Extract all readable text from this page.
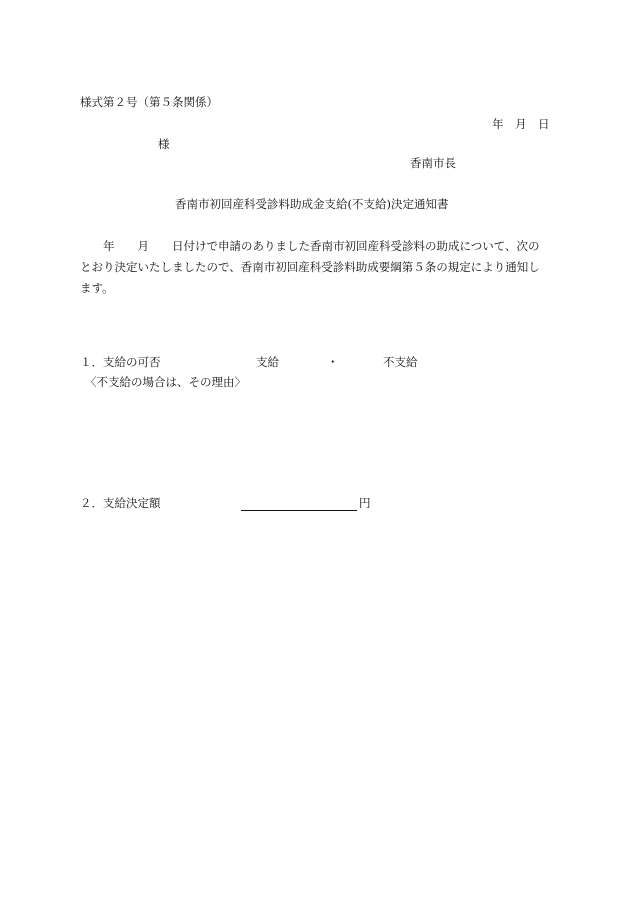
様式第２号（第５条関係）
年　月　日
様
香南市長
香南市初回産科受診料助成金支給(不支給)決定通知書
　　年　　月　　日付けで申請のありました香南市初回産科受診料の助成について、次の
とおり決定いたしましたので、香南市初回産科受診料助成要綱第５条の規定により通知し
ます。
１．支給の可否	支給	・	不支給
〈不支給の場合は、その理由〉
２．支給決定額	円
